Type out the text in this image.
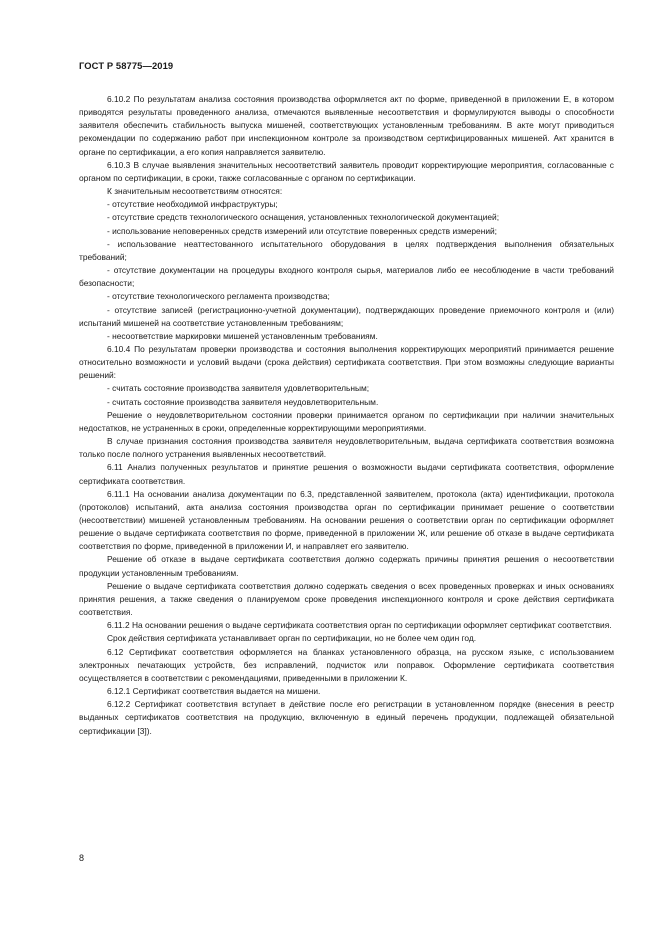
ГОСТ Р 58775—2019

6.10.2 По результатам анализа состояния производства оформляется акт по форме, приведенной в приложении Е, в котором приводятся результаты проведенного анализа, отмечаются выявленные несоответствия и формулируются выводы о способности заявителя обеспечить стабильность выпуска мишеней, соответствующих установленным требованиям. В акте могут приводиться рекомендации по содержанию работ при инспекционном контроле за производством сертифицированных мишеней. Акт хранится в органе по сертификации, а его копия направляется заявителю.

6.10.3 В случае выявления значительных несоответствий заявитель проводит корректирующие мероприятия, согласованные с органом по сертификации, в сроки, также согласованные с органом по сертификации.

К значительным несоответствиям относятся:

- отсутствие необходимой инфраструктуры;

- отсутствие средств технологического оснащения, установленных технологической документацией;

- использование неповеренных средств измерений или отсутствие поверенных средств измерений;

- использование неаттестованного испытательного оборудования в целях подтверждения выполнения обязательных требований;

- отсутствие документации на процедуры входного контроля сырья, материалов либо ее несоблюдение в части требований безопасности;

- отсутствие технологического регламента производства;

- отсутствие записей (регистрационно-учетной документации), подтверждающих проведение приемочного контроля и (или) испытаний мишеней на соответствие установленным требованиям;

- несоответствие маркировки мишеней установленным требованиям.

6.10.4 По результатам проверки производства и состояния выполнения корректирующих мероприятий принимается решение относительно возможности и условий выдачи (срока действия) сертификата соответствия. При этом возможны следующие варианты решений:

- считать состояние производства заявителя удовлетворительным;

- считать состояние производства заявителя неудовлетворительным.

Решение о неудовлетворительном состоянии проверки принимается органом по сертификации при наличии значительных недостатков, не устраненных в сроки, определенные корректирующими мероприятиями.

В случае признания состояния производства заявителя неудовлетворительным, выдача сертификата соответствия возможна только после полного устранения выявленных несоответствий.

6.11 Анализ полученных результатов и принятие решения о возможности выдачи сертификата соответствия, оформление сертификата соответствия.

6.11.1 На основании анализа документации по 6.3, представленной заявителем, протокола (акта) идентификации, протокола (протоколов) испытаний, акта анализа состояния производства орган по сертификации принимает решение о соответствии (несоответствии) мишеней установленным требованиям. На основании решения о соответствии орган по сертификации оформляет решение о выдаче сертификата соответствия по форме, приведенной в приложении Ж, или решение об отказе в выдаче сертификата соответствия по форме, приведенной в приложении И, и направляет его заявителю.

Решение об отказе в выдаче сертификата соответствия должно содержать причины принятия решения о несоответствии продукции установленным требованиям.

Решение о выдаче сертификата соответствия должно содержать сведения о всех проведенных проверках и иных основаниях принятия решения, а также сведения о планируемом сроке проведения инспекционного контроля и сроке действия сертификата соответствия.

6.11.2 На основании решения о выдаче сертификата соответствия орган по сертификации оформляет сертификат соответствия.

Срок действия сертификата устанавливает орган по сертификации, но не более чем один год.

6.12 Сертификат соответствия оформляется на бланках установленного образца, на русском языке, с использованием электронных печатающих устройств, без исправлений, подчисток или поправок. Оформление сертификата соответствия осуществляется в соответствии с рекомендациями, приведенными в приложении К.

6.12.1 Сертификат соответствия выдается на мишени.

6.12.2 Сертификат соответствия вступает в действие после его регистрации в установленном порядке (внесения в реестр выданных сертификатов соответствия на продукцию, включенную в единый перечень продукции, подлежащей обязательной сертификации [3]).

8
